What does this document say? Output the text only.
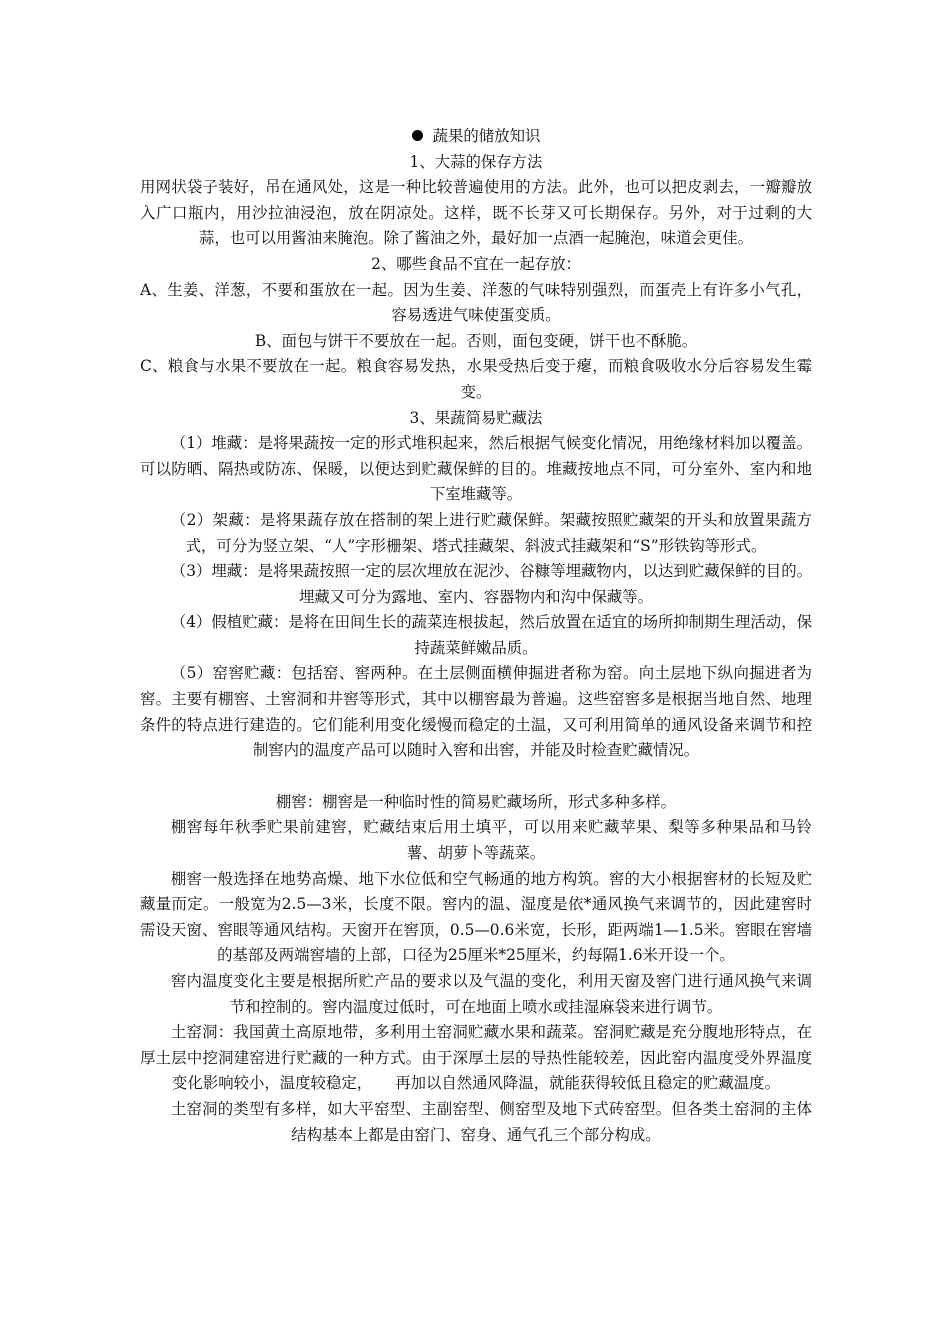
蔬果的储放知识

1、大蒜的保存方法

用网状袋子装好，吊在通风处，这是一种比较普遍使用的方法。此外，也可以把皮剥去，一瓣瓣放入广口瓶内，用沙拉油浸泡，放在阴凉处。这样，既不长芽又可长期保存。另外，对于过剩的大蒜，也可以用酱油来腌泡。除了酱油之外，最好加一点酒一起腌泡，味道会更佳。

2、哪些食品不宜在一起存放：

A、生姜、洋葱，不要和蛋放在一起。因为生姜、洋葱的气味特别强烈，而蛋壳上有许多小气孔，容易透进气味使蛋变质。

B、面包与饼干不要放在一起。否则，面包变硬，饼干也不酥脆。

C、粮食与水果不要放在一起。粮食容易发热，水果受热后变于瘪，而粮食吸收水分后容易发生霉变。

3、果蔬简易贮藏法

（1）堆藏：是将果蔬按一定的形式堆积起来，然后根据气候变化情况，用绝缘材料加以覆盖。可以防晒、隔热或防冻、保暖，以便达到贮藏保鲜的目的。堆藏按地点不同，可分室外、室内和地下室堆藏等。

（2）架藏：是将果蔬存放在搭制的架上进行贮藏保鲜。架藏按照贮藏架的开头和放置果蔬方式，可分为竖立架、“人”字形栅架、塔式挂藏架、斜波式挂藏架和“S”形铁钩等形式。

（3）埋藏：是将果蔬按照一定的层次埋放在泥沙、谷糠等埋藏物内，以达到贮藏保鲜的目的。埋藏又可分为露地、室内、容器物内和沟中保藏等。

（4）假植贮藏：是将在田间生长的蔬菜连根拔起，然后放置在适宜的场所抑制期生理活动，保持蔬菜鲜嫩品质。

（5）窑窖贮藏：包括窑、窖两种。在土层侧面横伸掘进者称为窑。向土层地下纵向掘进者为窖。主要有棚窖、土窖洞和井窖等形式，其中以棚窖最为普遍。这些窑窖多是根据当地自然、地理条件的特点进行建造的。它们能利用变化缓慢而稳定的土温，又可利用简单的通风设备来调节和控制窖内的温度产品可以随时入窖和出窖，并能及时检查贮藏情况。

棚窖：棚窖是一种临时性的简易贮藏场所，形式多种多样。

棚窖每年秋季贮果前建窖，贮藏结束后用土填平，可以用来贮藏苹果、梨等多种果品和马铃薯、胡萝卜等蔬菜。

棚窖一般选择在地势高燥、地下水位低和空气畅通的地方构筑。窖的大小根据窖材的长短及贮藏量而定。一般宽为2.5—3米，长度不限。窖内的温、湿度是依*通风换气来调节的，因此建窖时需设天窗、窖眼等通风结构。天窗开在窖顶，0.5—0.6米宽，长形，距两端1—1.5米。窖眼在窖墙的基部及两端窖墙的上部，口径为25厘米*25厘米，约每隔1.6米开设一个。

窖内温度变化主要是根据所贮产品的要求以及气温的变化，利用天窗及窖门进行通风换气来调节和控制的。窖内温度过低时，可在地面上喷水或挂湿麻袋来进行调节。

土窑洞：我国黄土高原地带，多利用土窑洞贮藏水果和蔬菜。窑洞贮藏是充分腹地形特点，在厚土层中挖洞建窑进行贮藏的一种方式。由于深厚土层的导热性能较差，因此窑内温度受外界温度变化影响较小，温度较稳定，　　再加以自然通风降温，就能获得较低且稳定的贮藏温度。

土窑洞的类型有多样，如大平窑型、主副窑型、侧窑型及地下式砖窑型。但各类土窑洞的主体结构基本上都是由窑门、窑身、通气孔三个部分构成。
